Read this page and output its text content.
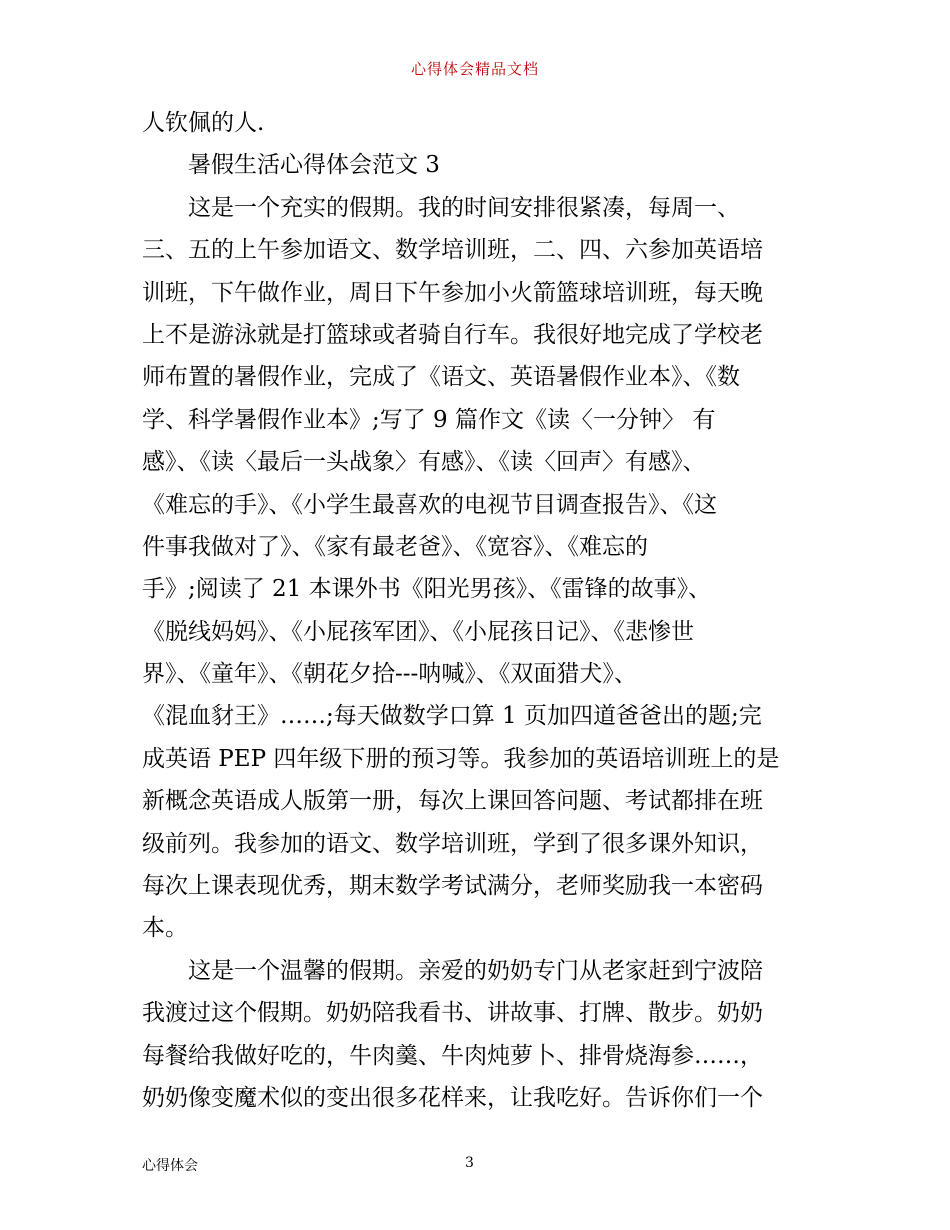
心得体会精品文档
人钦佩的人.
暑假生活心得体会范文 3
这是一个充实的假期。我的时间安排很紧凑，每周一、
三、五的上午参加语文、数学培训班，二、四、六参加英语培
训班，下午做作业，周日下午参加小火箭篮球培训班，每天晚
上不是游泳就是打篮球或者骑自行车。我很好地完成了学校老
师布置的暑假作业，完成了《语文、英语暑假作业本》、《数
学、科学暑假作业本》;写了 9 篇作文《读〈一分钟〉 有
感》、《读〈最后一头战象〉有感》、《读〈回声〉有感》、
《难忘的手》、《小学生最喜欢的电视节目调查报告》、《这
件事我做对了》、《家有最老爸》、《宽容》、《难忘的
手》;阅读了 21 本课外书《阳光男孩》、《雷锋的故事》、
《脱线妈妈》、《小屁孩军团》、《小屁孩日记》、《悲惨世
界》、《童年》、《朝花夕拾---呐喊》、《双面猎犬》、
《混血豺王》……;每天做数学口算 1 页加四道爸爸出的题;完
成英语 PEP 四年级下册的预习等。我参加的英语培训班上的是
新概念英语成人版第一册，每次上课回答问题、考试都排在班
级前列。我参加的语文、数学培训班，学到了很多课外知识，
每次上课表现优秀，期末数学考试满分，老师奖励我一本密码
本。
这是一个温馨的假期。亲爱的奶奶专门从老家赶到宁波陪
我渡过这个假期。奶奶陪我看书、讲故事、打牌、散步。奶奶
每餐给我做好吃的，牛肉羹、牛肉炖萝卜、排骨烧海参……，
奶奶像变魔术似的变出很多花样来，让我吃好。告诉你们一个
心得体会	3
